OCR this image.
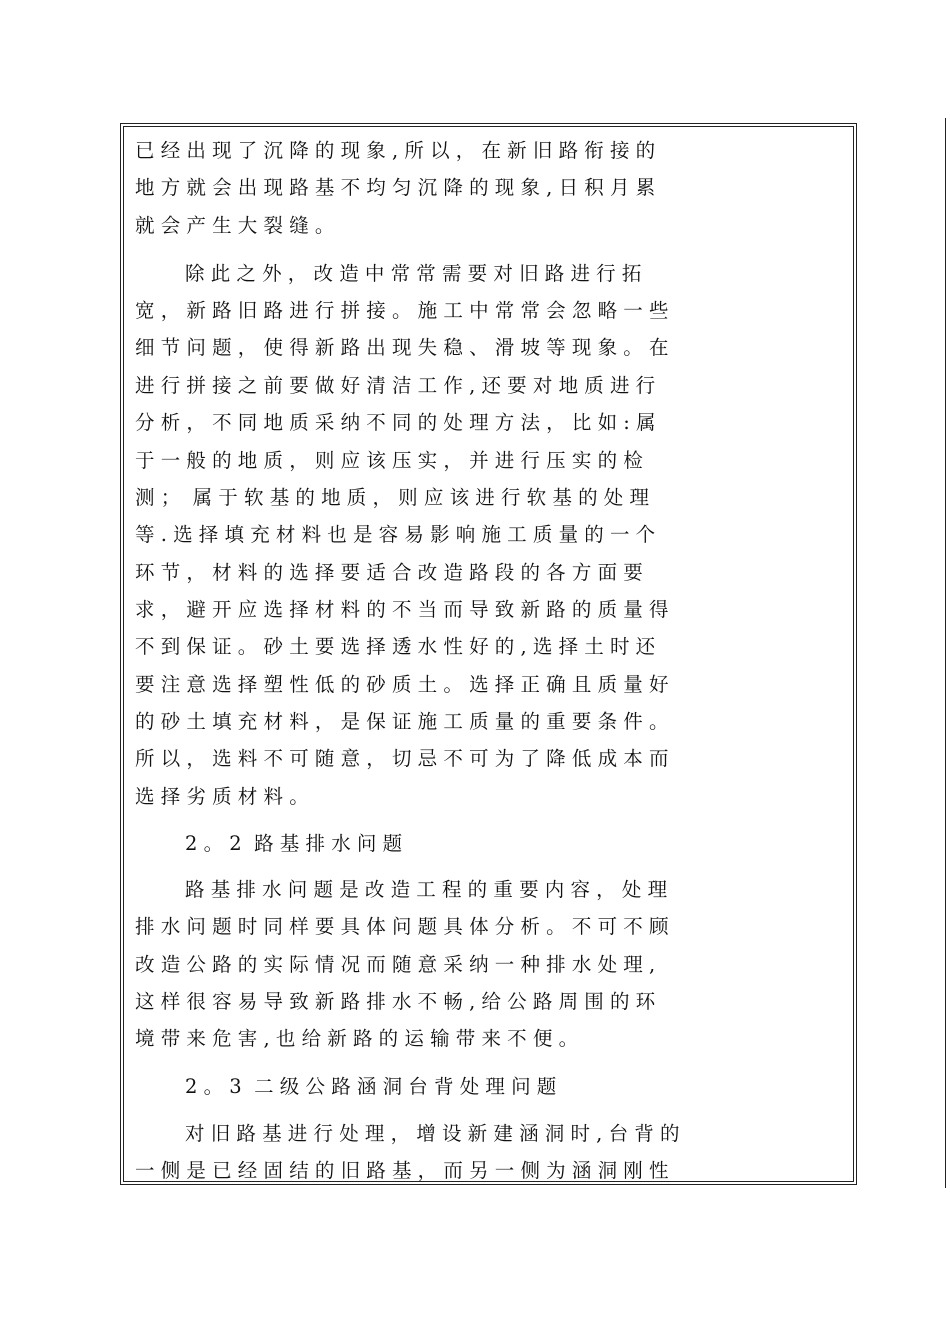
已 经 出 现 了 沉 降 的 现 象 , 所 以 ， 在 新 旧 路 衔 接 的
地 方 就 会 出 现 路 基 不 均 匀 沉 降 的 现 象 , 日 积 月 累
就 会 产 生 大 裂 缝 。
除 此 之 外 ， 改 造 中 常 常 需 要 对 旧 路 进 行 拓
宽 ， 新 路 旧 路 进 行 拼 接 。 施 工 中 常 常 会 忽 略 一 些
细 节 问 题 ， 使 得 新 路 出 现 失 稳 、 滑 坡 等 现 象 。 在
进 行 拼 接 之 前 要 做 好 清 洁 工 作 , 还 要 对 地 质 进 行
分 析 ， 不 同 地 质 采 纳 不 同 的 处 理 方 法 ， 比 如 : 属
于 一 般 的 地 质 ， 则 应 该 压 实 ， 并 进 行 压 实 的 检
测 ；  属 于 软 基 的 地 质 ， 则 应 该 进 行 软 基 的 处 理
等 . 选 择 填 充 材 料 也 是 容 易 影 响 施 工 质 量 的 一 个
环 节 ， 材 料 的 选 择 要 适 合 改 造 路 段 的 各 方 面 要
求 ， 避 开 应 选 择 材 料 的 不 当 而 导 致 新 路 的 质 量 得
不 到 保 证 。 砂 土 要 选 择 透 水 性 好 的 , 选 择 土 时 还
要 注 意 选 择 塑 性 低 的 砂 质 土 。 选 择 正 确 且 质 量 好
的 砂 土 填 充 材 料 ， 是 保 证 施 工 质 量 的 重 要 条 件 。
所 以 ， 选 料 不 可 随 意 ， 切 忌 不 可 为 了 降 低 成 本 而
选 择 劣 质 材 料 。
2 。 2  路 基 排 水 问 题
路 基 排 水 问 题 是 改 造 工 程 的 重 要 内 容 ， 处 理
排 水 问 题 时 同 样 要 具 体 问 题 具 体 分 析 。 不 可 不 顾
改 造 公 路 的 实 际 情 况 而 随 意 采 纳 一 种 排 水 处 理 ,
这 样 很 容 易 导 致 新 路 排 水 不 畅 , 给 公 路 周 围 的 环
境 带 来 危 害 , 也 给 新 路 的 运 输 带 来 不 便 。
2 。 3  二 级 公 路 涵 洞 台 背 处 理 问 题
对 旧 路 基 进 行 处 理 ， 增 设 新 建 涵 洞 时 , 台 背 的
一 侧 是 已 经 固 结 的 旧 路 基 ， 而 另 一 侧 为 涵 洞 刚 性
